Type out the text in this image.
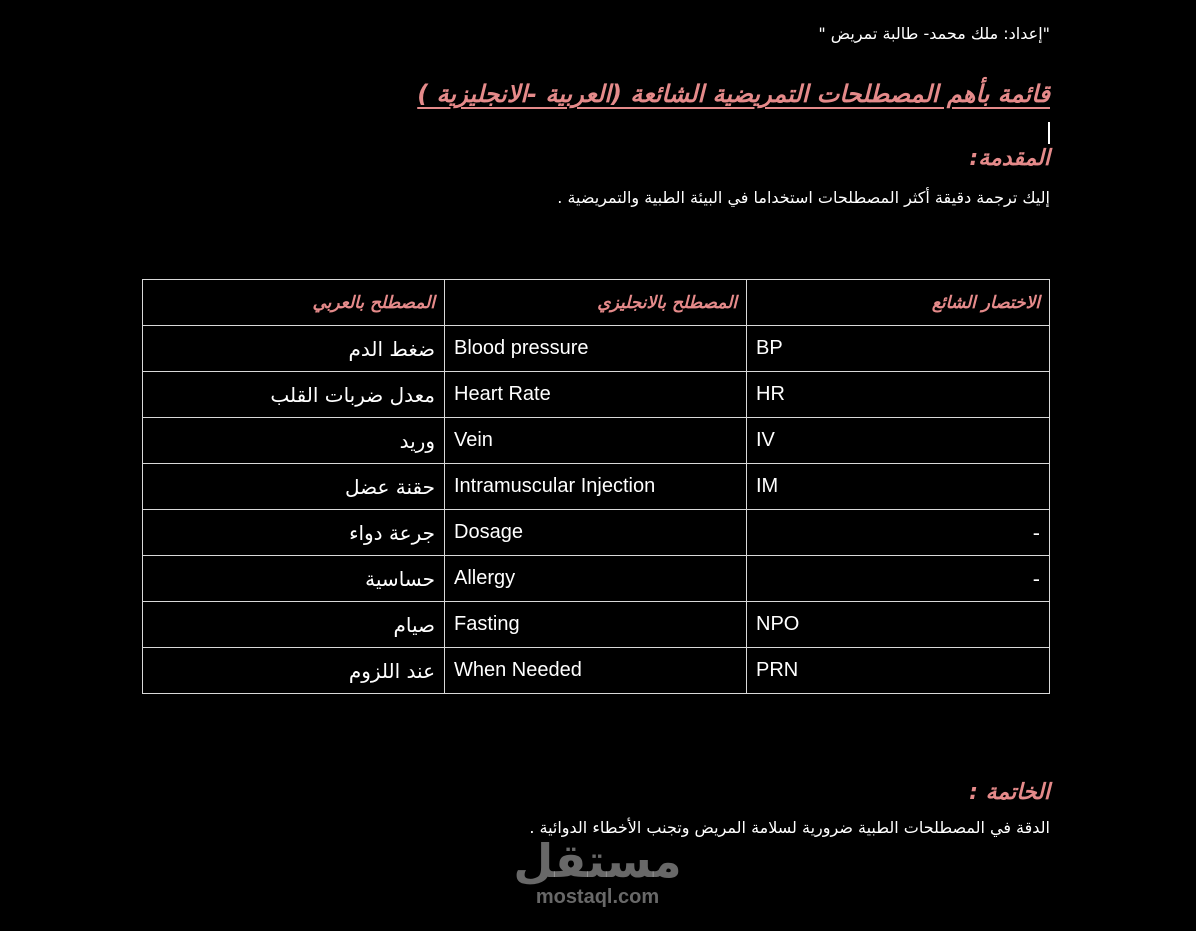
"إعداد: ملك محمد- طالبة تمريض "
قائمة بأهم المصطلحات التمريضية الشائعة (العربية -الانجليزية )
المقدمة:
إليك ترجمة دقيقة أكثر المصطلحات استخداما في البيئة الطبية والتمريضية .
المصطلح بالعربي	المصطلح بالانجليزي	الاختصار الشائع
ضغط الدم	Blood pressure	BP
معدل ضربات القلب	Heart Rate	HR
وريد	Vein	IV
حقنة عضل	Intramuscular Injection	IM
جرعة دواء	Dosage	-
حساسية	Allergy	-
صيام	Fasting	NPO
عند اللزوم	When Needed	PRN
الخاتمة :
الدقة في المصطلحات الطبية ضرورية لسلامة المريض وتجنب الأخطاء الدوائية .
مستقل
mostaql.com
